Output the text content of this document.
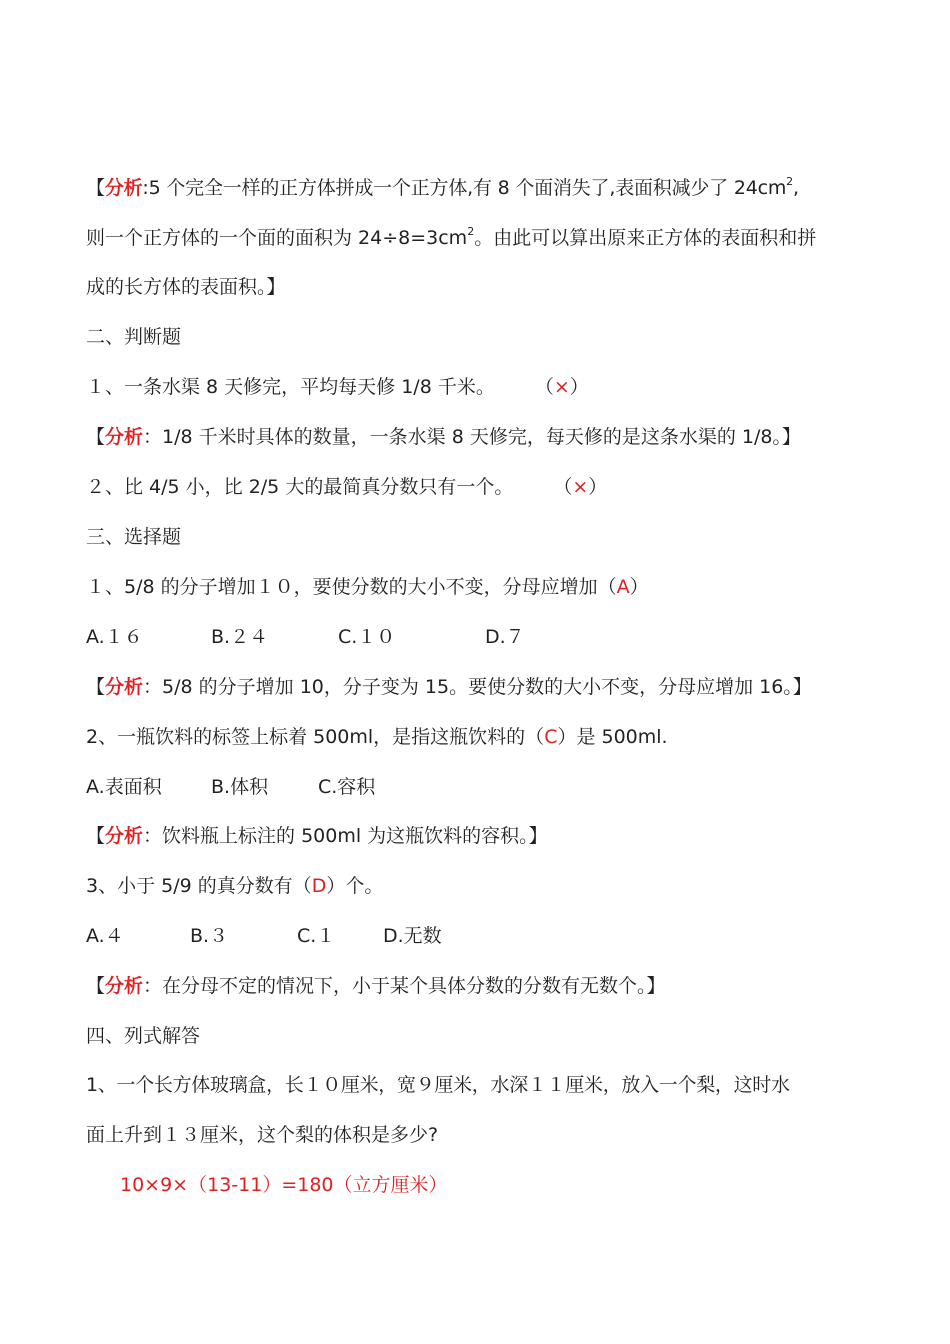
【分析:5 个完全一样的正方体拼成一个正方体,有 8 个面消失了,表面积减少了 $24cm^2$,
则一个正方体的一个面的面积为 $24\div 8=3cm^2$。由此可以算出原来正方体的表面积和拼
成的长方体的表面积。】
二、判断题
１、一条水渠 8 天修完，平均每天修 1/8 千米。 （×）
【分析：1/8 千米时具体的数量，一条水渠 8 天修完，每天修的是这条水渠的 1/8。】
２、比 4/5 小，比 2/5 大的最简真分数只有一个。 （×）
三、选择题
１、5/8 的分子增加１０，要使分数的大小不变，分母应增加（A）
A.１６	B.２４	C.１０	D.７
【分析：5/8 的分子增加 10，分子变为 15。要使分数的大小不变，分母应增加 16。】
2、一瓶饮料的标签上标着 500ml，是指这瓶饮料的（C）是 500ml.
A.表面积	B.体积	C.容积
【分析：饮料瓶上标注的 500ml 为这瓶饮料的容积。】
3、小于 5/9 的真分数有（D）个。
A.４	B.３	C.１	D.无数
【分析：在分母不定的情况下，小于某个具体分数的分数有无数个。】
四、列式解答
1、一个长方体玻璃盒，长１０厘米，宽９厘米，水深１１厘米，放入一个梨，这时水
面上升到１３厘米，这个梨的体积是多少?
10×9×（13-11）=180（立方厘米）
